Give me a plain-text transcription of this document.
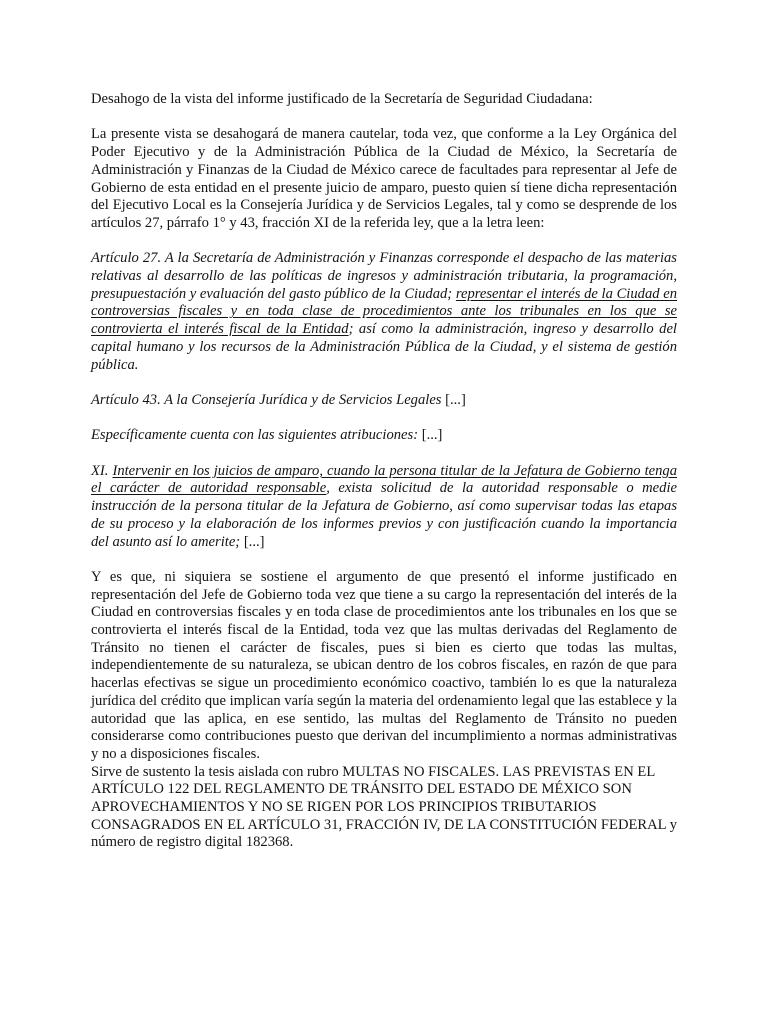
Desahogo de la vista del informe justificado de la Secretaría de Seguridad Ciudadana:

La presente vista se desahogará de manera cautelar, toda vez, que conforme a la Ley Orgánica del Poder Ejecutivo y de la Administración Pública de la Ciudad de México, la Secretaría de Administración y Finanzas de la Ciudad de México carece de facultades para representar al Jefe de Gobierno de esta entidad en el presente juicio de amparo, puesto quien sí tiene dicha representación del Ejecutivo Local es la Consejería Jurídica y de Servicios Legales, tal y como se desprende de los artículos 27, párrafo 1° y 43, fracción XI de la referida ley, que a la letra leen:

Artículo 27. A la Secretaría de Administración y Finanzas corresponde el despacho de las materias relativas al desarrollo de las políticas de ingresos y administración tributaria, la programación, presupuestación y evaluación del gasto público de la Ciudad; representar el interés de la Ciudad en controversias fiscales y en toda clase de procedimientos ante los tribunales en los que se controvierta el interés fiscal de la Entidad; así como la administración, ingreso y desarrollo del capital humano y los recursos de la Administración Pública de la Ciudad, y el sistema de gestión pública.

Artículo 43. A la Consejería Jurídica y de Servicios Legales [...]

Específicamente cuenta con las siguientes atribuciones: [...]

XI. Intervenir en los juicios de amparo, cuando la persona titular de la Jefatura de Gobierno tenga el carácter de autoridad responsable, exista solicitud de la autoridad responsable o medie instrucción de la persona titular de la Jefatura de Gobierno, así como supervisar todas las etapas de su proceso y la elaboración de los informes previos y con justificación cuando la importancia del asunto así lo amerite; [...]

Y es que, ni siquiera se sostiene el argumento de que presentó el informe justificado en representación del Jefe de Gobierno toda vez que tiene a su cargo la representación del interés de la Ciudad en controversias fiscales y en toda clase de procedimientos ante los tribunales en los que se controvierta el interés fiscal de la Entidad, toda vez que las multas derivadas del Reglamento de Tránsito no tienen el carácter de fiscales, pues si bien es cierto que todas las multas, independientemente de su naturaleza, se ubican dentro de los cobros fiscales, en razón de que para hacerlas efectivas se sigue un procedimiento económico coactivo, también lo es que la naturaleza jurídica del crédito que implican varía según la materia del ordenamiento legal que las establece y la autoridad que las aplica, en ese sentido, las multas del Reglamento de Tránsito no pueden considerarse como contribuciones puesto que derivan del incumplimiento a normas administrativas y no a disposiciones fiscales.

Sirve de sustento la tesis aislada con rubro MULTAS NO FISCALES. LAS PREVISTAS EN EL ARTÍCULO 122 DEL REGLAMENTO DE TRÁNSITO DEL ESTADO DE MÉXICO SON APROVECHAMIENTOS Y NO SE RIGEN POR LOS PRINCIPIOS TRIBUTARIOS CONSAGRADOS EN EL ARTÍCULO 31, FRACCIÓN IV, DE LA CONSTITUCIÓN FEDERAL y número de registro digital 182368.
